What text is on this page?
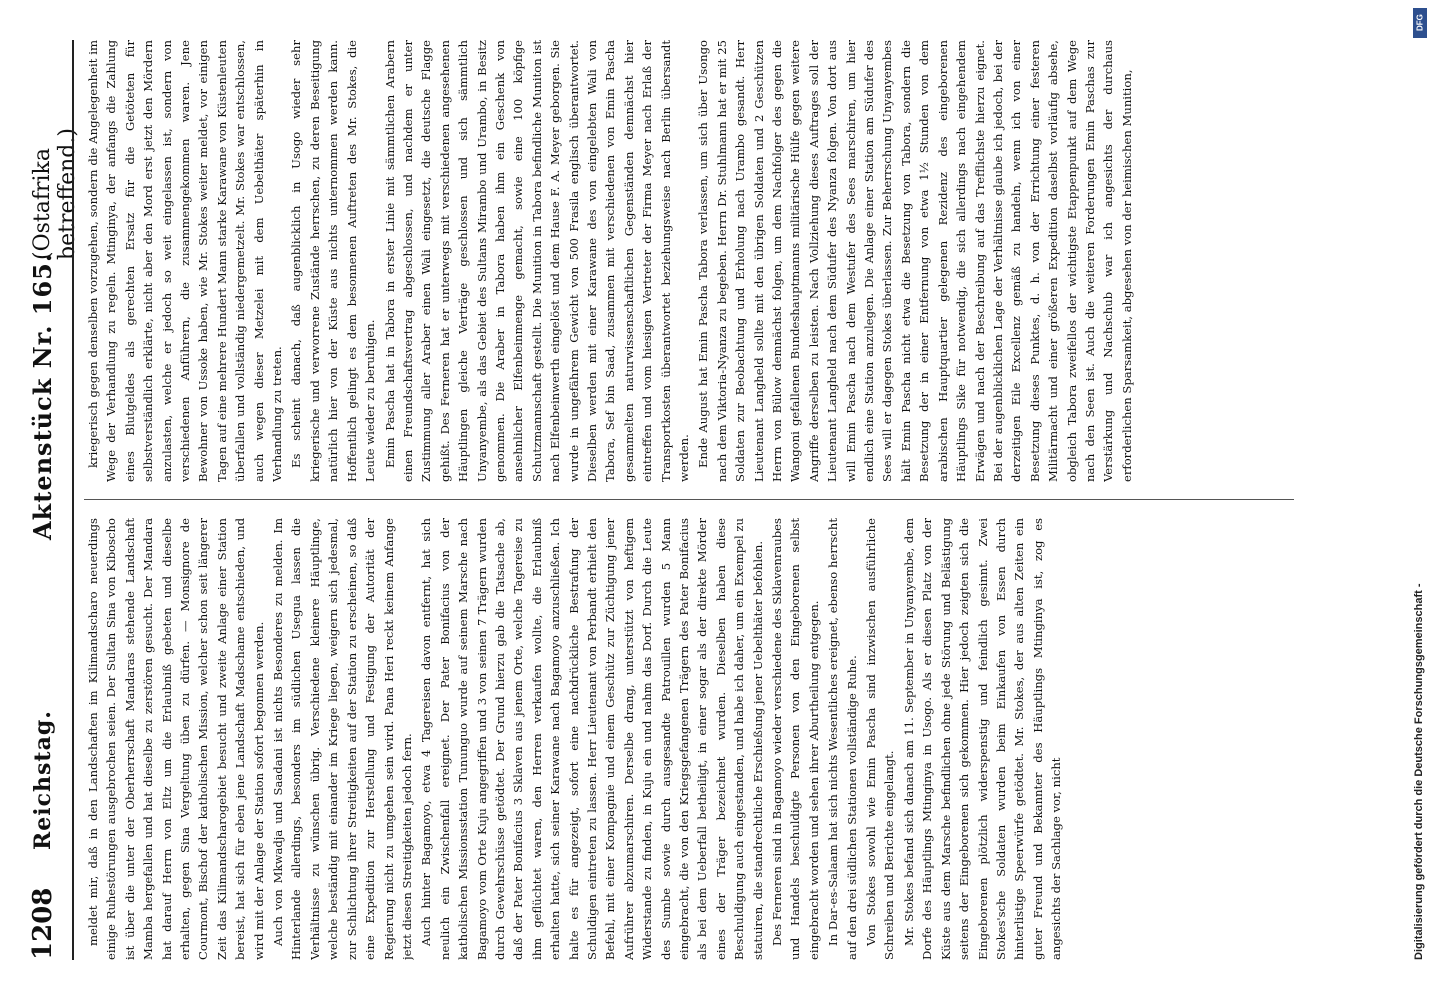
1208
Reichstag.
Aktenstück Nr. 165.
(Ostafrika betreffend.)

meldet mir, daß in den Landschaften im Kilimandscharo neuerdings einige Ruhestörungen ausgebrochen seien. Der Sultan Sina von Kiboscho ist über die unter der Oberherrschaft Mandaras stehende Landschaft Mamba hergefallen und hat dieselbe zu zerstören gesucht. Der Mandara hat darauf Herrn von Eltz um die Erlaubniß gebeten und dieselbe erhalten, gegen Sina Vergeltung üben zu dürfen. — Monsignore de Courmont, Bischof der katholischen Mission, welcher schon seit längerer Zeit das Kilimandscharogebiet besucht und zweite Anlage einer Station bereist, hat sich für eben jene Landschaft Madschame entschieden, und wird mit der Anlage der Station sofort begonnen werden. Auch von Mkwadja und Saadani ist nichts Besonderes zu melden. Im Hinterlande allerdings, besonders im südlichen Usegua lassen die Verhältnisse zu wünschen übrig. Verschiedene kleinere Häuptlinge, welche beständig mit einander im Kriege liegen, weigern sich jedesmal, zur Schlichtung ihrer Streitigkeiten auf der Station zu erscheinen, so daß eine Expedition zur Herstellung und Festigung der Autorität der Regierung nicht zu umgehen sein wird. Pana Heri reckt keinem Anfange jetzt diesen Streitigkeiten jedoch fern. Auch hinter Bagamoyo, etwa 4 Tagereisen davon entfernt, hat sich neulich ein Zwischenfall ereignet. Der Pater Bonifacius von der katholischen Missionsstation Tununguo wurde auf seinem Marsche nach Bagamoyo vom Orte Kuju angegriffen und 3 von seinen 7 Trägern wurden durch Gewehrschüsse getödtet. Der Grund hierzu gab die Tatsache ab, daß der Pater Bonifacius 3 Sklaven aus jenem Orte, welche Tagereise zu ihm geflüchtet waren, den Herren verkaufen wollte, die Erlaubniß erhalten hatte, sich seiner Karawane nach Bagamoyo anzuschließen. Ich halte es für angezeigt, sofort eine nachdrückliche Bestrafung der Schuldigen eintreten zu lassen. Herr Lieutenant von Perbandt erhielt den Befehl, mit einer Kompagnie und einem Geschütz zur Züchtigung jener Aufrührer abzumarschiren. Derselbe drang, unterstützt von heftigem Widerstande zu finden, in Kuju ein und nahm das Dorf. Durch die Leute des Sumbe sowie durch ausgesandte Patrouillen wurden 5 Mann eingebracht, die von den Kriegsgefangenen Trägern des Pater Bonifacius als bei dem Ueberfall betheiligt, in einer sogar als der direkte Mörder eines der Träger bezeichnet wurden. Dieselben haben diese Beschuldigung auch eingestanden, und habe ich daher, um ein Exempel zu statuiren, die standrechtliche Erschießung jener Uebelthäter befohlen. Des Ferneren sind in Bagamoyo wieder verschiedene des Sklavenraubes und Handels beschuldigte Personen von den Eingeborenen selbst eingebracht worden und sehen ihrer Aburtheilung entgegen. In Dar-es-Salaam hat sich nichts Wesentliches ereignet, ebenso herrscht auf den drei südlichen Stationen vollständige Ruhe. Von Stokes sowohl wie Emin Pascha sind inzwischen ausführliche Schreiben und Berichte eingelangt. Mr. Stokes befand sich danach am 11. September in Unyanyembe, dem Dorfe des Häuptlings Mtinginya in Usogo. Als er diesen Platz von der Küste aus dem Marsche befindlichen ohne jede Störung und Belästigung seitens der Eingeborenen sich gekommen. Hier jedoch zeigten sich die Eingeborenen plötzlich widerspenstig und feindlich gesinnt. Zwei Stokes'sche Soldaten wurden beim Einkaufen von Essen durch hinterlistige Speerwürfe getödtet. Mr. Stokes, der aus alten Zeiten ein guter Freund und Bekannter des Häuptlings Mtinginya ist, zog es angesichts der Sachlage vor, nicht

kriegerisch gegen denselben vorzugehen, sondern die Angelegenheit im Wege der Verhandlung zu regeln. Mtinginya, der anfangs die Zahlung eines Blutgeldes als gerechten Ersatz für die Getöteten für selbstverständlich erklärte, nicht aber den Mord erst jetzt den Mördern anzulasten, welche er jedoch so weit eingelassen ist, sondern von verschiedenen Anführern, die zusammengekommen waren. Jene Bewohner von Ussoke haben, wie Mr. Stokes weiter meldet, vor einigen Tagen auf eine mehrere Hundert Mann starke Karawane von Küstenleuten überfallen und vollständig niedergemetzelt. Mr. Stokes war entschlossen, auch wegen dieser Metzelei mit dem Uebelthäter späterhin in Verhandlung zu treten. Es scheint danach, daß augenblicklich in Usogo wieder sehr kriegerische und verworrene Zustände herrschen, zu deren Beseitigung natürlich hier von der Küste aus nichts unternommen werden kann. Hoffentlich gelingt es dem besonnenen Auftreten des Mr. Stokes, die Leute wieder zu beruhigen. Emin Pascha hat in Tabora in erster Linie mit sämmtlichen Arabern einen Freundschaftsvertrag abgeschlossen, und nachdem er unter Zustimmung aller Araber einen Wali eingesetzt, die deutsche Flagge gehißt. Des Ferneren hat er unterwegs mit verschiedenen angesehenen Häuptlingen gleiche Verträge geschlossen und sich sämmtlich Unyanyembe, als das Gebiet des Sultans Mirambo und Urambo, in Besitz genommen. Die Araber in Tabora haben ihm ein Geschenk von ansehnlicher Elfenbeinmenge gemacht, sowie eine 100 köpfige Schutzmannschaft gestellt. Die Munition in Tabora befindliche Muniton ist nach Elfenbeinwerth eingelöst und dem Hause F. A. Meyer geborgen. Sie wurde in ungefährem Gewicht von 500 Frasila englisch überantwortet. Dieselben werden mit einer Karawane des von eingelebten Wali von Tabora, Sef bin Saad, zusammen mit verschiedenen von Emin Pascha gesammelten naturwissenschaftlichen Gegenständen demnächst hier eintreffen und vom hiesigen Vertreter der Firma Meyer nach Erlaß der Transportkosten überantwortet beziehungsweise nach Berlin übersandt werden. Ende August hat Emin Pascha Tabora verlassen, um sich über Usongo nach dem Viktoria-Nyanza zu begeben. Herrn Dr. Stuhlmann hat er mit 25 Soldaten zur Beobachtung und Erholung nach Urambo gesandt. Herr Lieutenant Langheld sollte mit den übrigen Soldaten und 2 Geschützen Herrn von Bülow demnächst folgen, um dem Nachfolger des gegen die Wangoni gefallenen Bundeshauptmanns militärische Hülfe gegen weitere Angriffe derselben zu leisten. Nach Vollziehung dieses Auftrages soll der Lieutenant Langheld nach dem Südufer des Nyanza folgen. Von dort aus will Emin Pascha nach dem Westufer des Sees marschiren, um hier endlich eine Station anzulegen. Die Anlage einer Station am Südufer des Sees will er dagegen Stokes überlassen. Zur Beherrschung Unyanyembes hält Emin Pascha nicht etwa die Besetzung von Tabora, sondern die Besetzung der in einer Entfernung von etwa 1½ Stunden von dem arabischen Hauptquartier gelegenen Rezidenz des eingeborenen Häuptlings Sike für notwendig, die sich allerdings nach eingehendem Erwägen und nach der Beschreibung auf das Trefflichste hierzu eignet. Bei der augenblicklichen Lage der Verhältnisse glaube ich jedoch, bei der derzeitigen Eile Excellenz gemäß zu handeln, wenn ich von einer Besetzung dieses Punktes, d. h. von der Errichtung einer festeren Militärmacht und einer größeren Expedition daselbst vorläufig absehe, obgleich Tabora zweifellos der wichtigste Etappenpunkt auf dem Wege nach den Seen ist. Auch die weiteren Forderungen Emin Paschas zur Verstärkung und Nachschub war ich angesichts der durchaus erforderlichen Sparsamkeit, abgesehen von der heimischen Munition,

Digitalisierung gefördert durch die Deutsche Forschungsgemeinschaft -
DFG
